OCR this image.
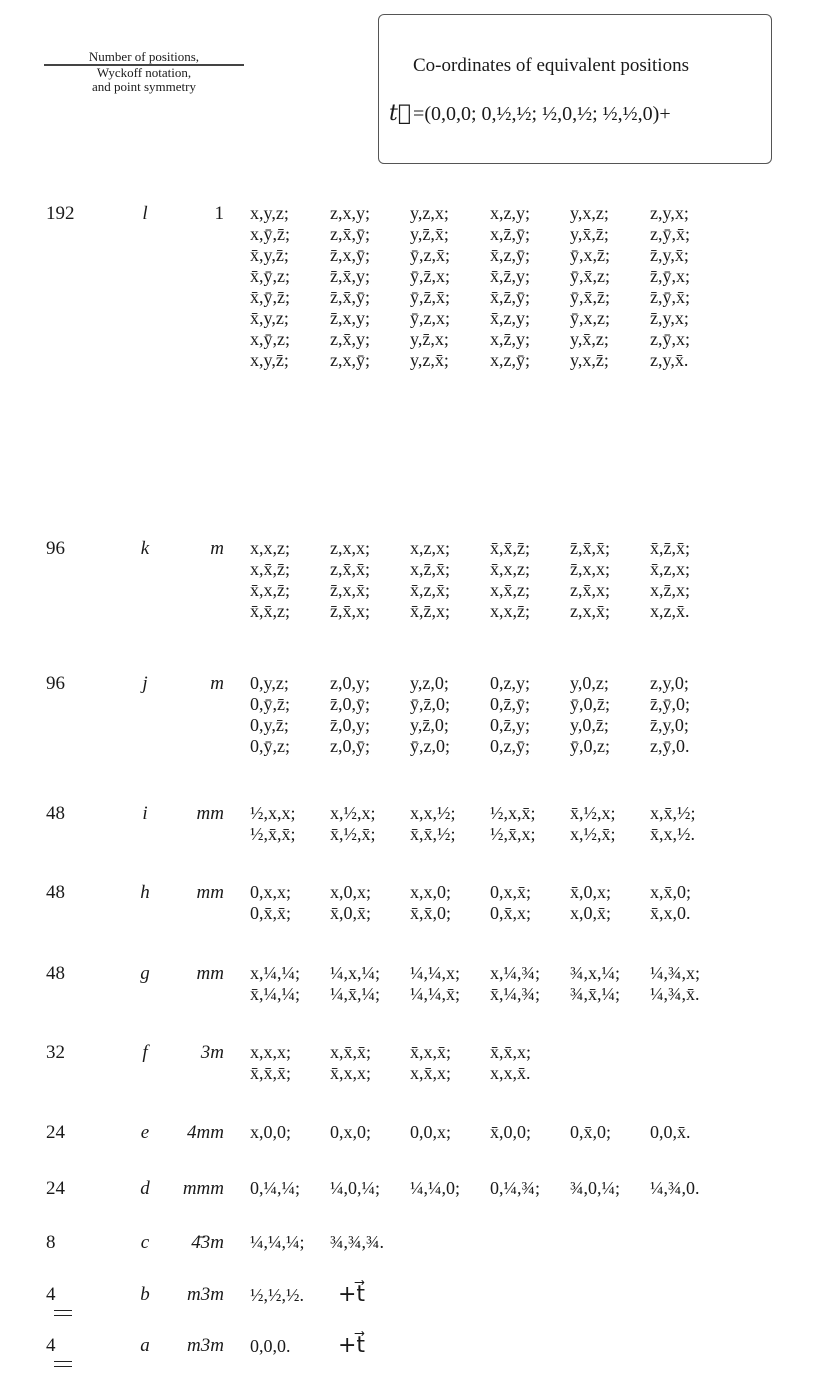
Number of positions,
Wyckoff notation,
and point symmetry
Co-ordinates of equivalent positions
t⃗ =(0,0,0; 0,½,½; ½,0,½; ½,½,0)+
192	l	1 x,y,z; z,x,y; y,z,x; x,z,y; y,x,z; z,y,x;
x,ȳ,z̄; z,x̄,ȳ; y,z̄,x̄; x,z̄,ȳ; y,x̄,z̄; z,ȳ,x̄;
x̄,y,z̄; z̄,x,ȳ; ȳ,z,x̄; x̄,z,ȳ; ȳ,x,z̄; z̄,y,x̄;
x̄,ȳ,z; z̄,x̄,y; ȳ,z̄,x; x̄,z̄,y; ȳ,x̄,z; z̄,ȳ,x;
x̄,ȳ,z̄; z̄,x̄,ȳ; ȳ,z̄,x̄; x̄,z̄,ȳ; ȳ,x̄,z̄; z̄,ȳ,x̄;
x̄,y,z; z̄,x,y; ȳ,z,x; x̄,z,y; ȳ,x,z; z̄,y,x;
x,ȳ,z; z,x̄,y; y,z̄,x; x,z̄,y; y,x̄,z; z,ȳ,x;
x,y,z̄; z,x,ȳ; y,z,x̄; x,z,ȳ; y,x,z̄; z,y,x̄.
96	k	m x,x,z; z,x,x; x,z,x; x̄,x̄,z̄; z̄,x̄,x̄; x̄,z̄,x̄;
x,x̄,z̄; z,x̄,x̄; x,z̄,x̄; x̄,x,z; z̄,x,x; x̄,z,x;
x̄,x,z̄; z̄,x,x̄; x̄,z,x̄; x,x̄,z; z,x̄,x; x,z̄,x;
x̄,x̄,z; z̄,x̄,x; x̄,z̄,x; x,x,z̄; z,x,x̄; x,z,x̄.
96	j	m 0,y,z; z,0,y; y,z,0; 0,z,y; y,0,z; z,y,0;
0,ȳ,z̄; z̄,0,ȳ; ȳ,z̄,0; 0,z̄,ȳ; ȳ,0,z̄; z̄,ȳ,0;
0,y,z̄; z̄,0,y; y,z̄,0; 0,z̄,y; y,0,z̄; z̄,y,0;
0,ȳ,z; z,0,ȳ; ȳ,z,0; 0,z,ȳ; ȳ,0,z; z,ȳ,0.
48	i	mm ½,x,x; x,½,x; x,x,½; ½,x,x̄; x̄,½,x; x,x̄,½;
½,x̄,x̄; x̄,½,x̄; x̄,x̄,½; ½,x̄,x; x,½,x̄; x̄,x,½.
48	h	mm 0,x,x; x,0,x; x,x,0; 0,x,x̄; x̄,0,x; x,x̄,0;
0,x̄,x̄; x̄,0,x̄; x̄,x̄,0; 0,x̄,x; x,0,x̄; x̄,x,0.
48	g	mm x,¼,¼; ¼,x,¼; ¼,¼,x; x,¼,¾; ¾,x,¼; ¼,¾,x;
x̄,¼,¼; ¼,x̄,¼; ¼,¼,x̄; x̄,¼,¾; ¾,x̄,¼; ¼,¾,x̄.
32	f	3m x,x,x; x,x̄,x̄; x̄,x,x̄; x̄,x̄,x;
x̄,x̄,x̄; x̄,x,x; x,x̄,x; x,x,x̄.
24	e	4mm x,0,0; 0,x,0; 0,0,x; x̄,0,0; 0,x̄,0; 0,0,x̄.
24	d	mmm 0,¼,¼; ¼,0,¼; ¼,¼,0; 0,¼,¾; ¾,0,¼; ¼,¾,0.
8	c	4̄3m ¼,¼,¼; ¾,¾,¾.
4	b	m3m ½,½,½. +t⃗
4	a	m3m 0,0,0. +t⃗
